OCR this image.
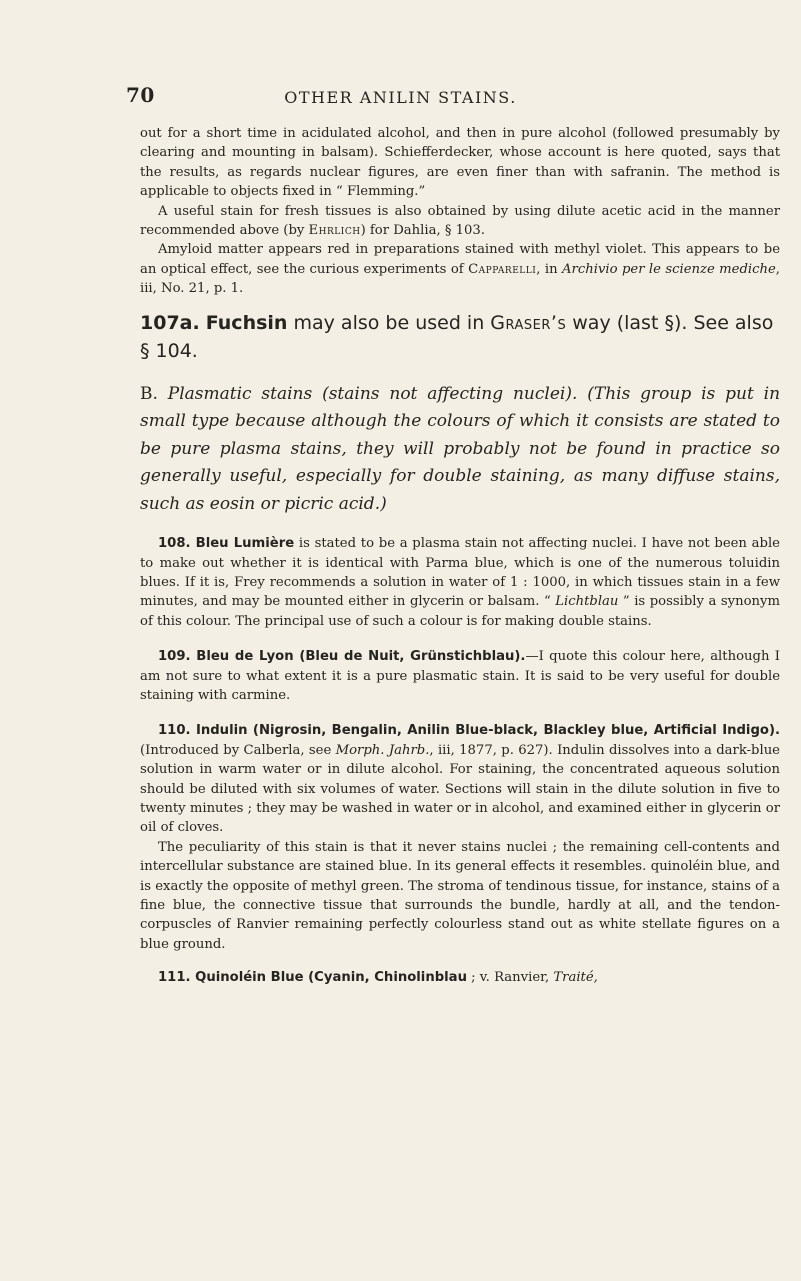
70	OTHER ANILIN STAINS.

out for a short time in acidulated alcohol, and then in pure alcohol (followed presumably by clearing and mounting in balsam). Schiefferdecker, whose account is here quoted, says that the results, as regards nuclear figures, are even finer than with safranin. The method is applicable to objects fixed in “ Flemming.”

A useful stain for fresh tissues is also obtained by using dilute acetic acid in the manner recommended above (by Ehrlich) for Dahlia, § 103.

Amyloid matter appears red in preparations stained with methyl violet. This appears to be an optical effect, see the curious experiments of Capparelli, in Archivio per le scienze mediche, iii, No. 21, p. 1.

107a. Fuchsin may also be used in Graser’s way (last §). See also § 104.

B. Plasmatic stains (stains not affecting nuclei). (This group is put in small type because although the colours of which it consists are stated to be pure plasma stains, they will probably not be found in practice so generally useful, especially for double staining, as many diffuse stains, such as eosin or picric acid.)

108. Bleu Lumière is stated to be a plasma stain not affecting nuclei. I have not been able to make out whether it is identical with Parma blue, which is one of the numerous toluidin blues. If it is, Frey recommends a solution in water of 1 : 1000, in which tissues stain in a few minutes, and may be mounted either in glycerin or balsam. “ Lichtblau ” is possibly a synonym of this colour. The principal use of such a colour is for making double stains.

109. Bleu de Lyon (Bleu de Nuit, Grünstichblau).—I quote this colour here, although I am not sure to what extent it is a pure plasmatic stain. It is said to be very useful for double staining with carmine.

110. Indulin (Nigrosin, Bengalin, Anilin Blue-black, Blackley blue, Artificial Indigo). (Introduced by Calberla, see Morph. Jahrb., iii, 1877, p. 627). Indulin dissolves into a dark-blue solution in warm water or in dilute alcohol. For staining, the concentrated aqueous solution should be diluted with six volumes of water. Sections will stain in the dilute solution in five to twenty minutes ; they may be washed in water or in alcohol, and examined either in glycerin or oil of cloves.

The peculiarity of this stain is that it never stains nuclei ; the remaining cell-contents and intercellular substance are stained blue. In its general effects it resembles. quinoléin blue, and is exactly the opposite of methyl green. The stroma of tendinous tissue, for instance, stains of a fine blue, the connective tissue that surrounds the bundle, hardly at all, and the tendon-corpuscles of Ranvier remaining perfectly colourless stand out as white stellate figures on a blue ground.

111. Quinoléin Blue (Cyanin, Chinolinblau ; v. Ranvier, Traité,
